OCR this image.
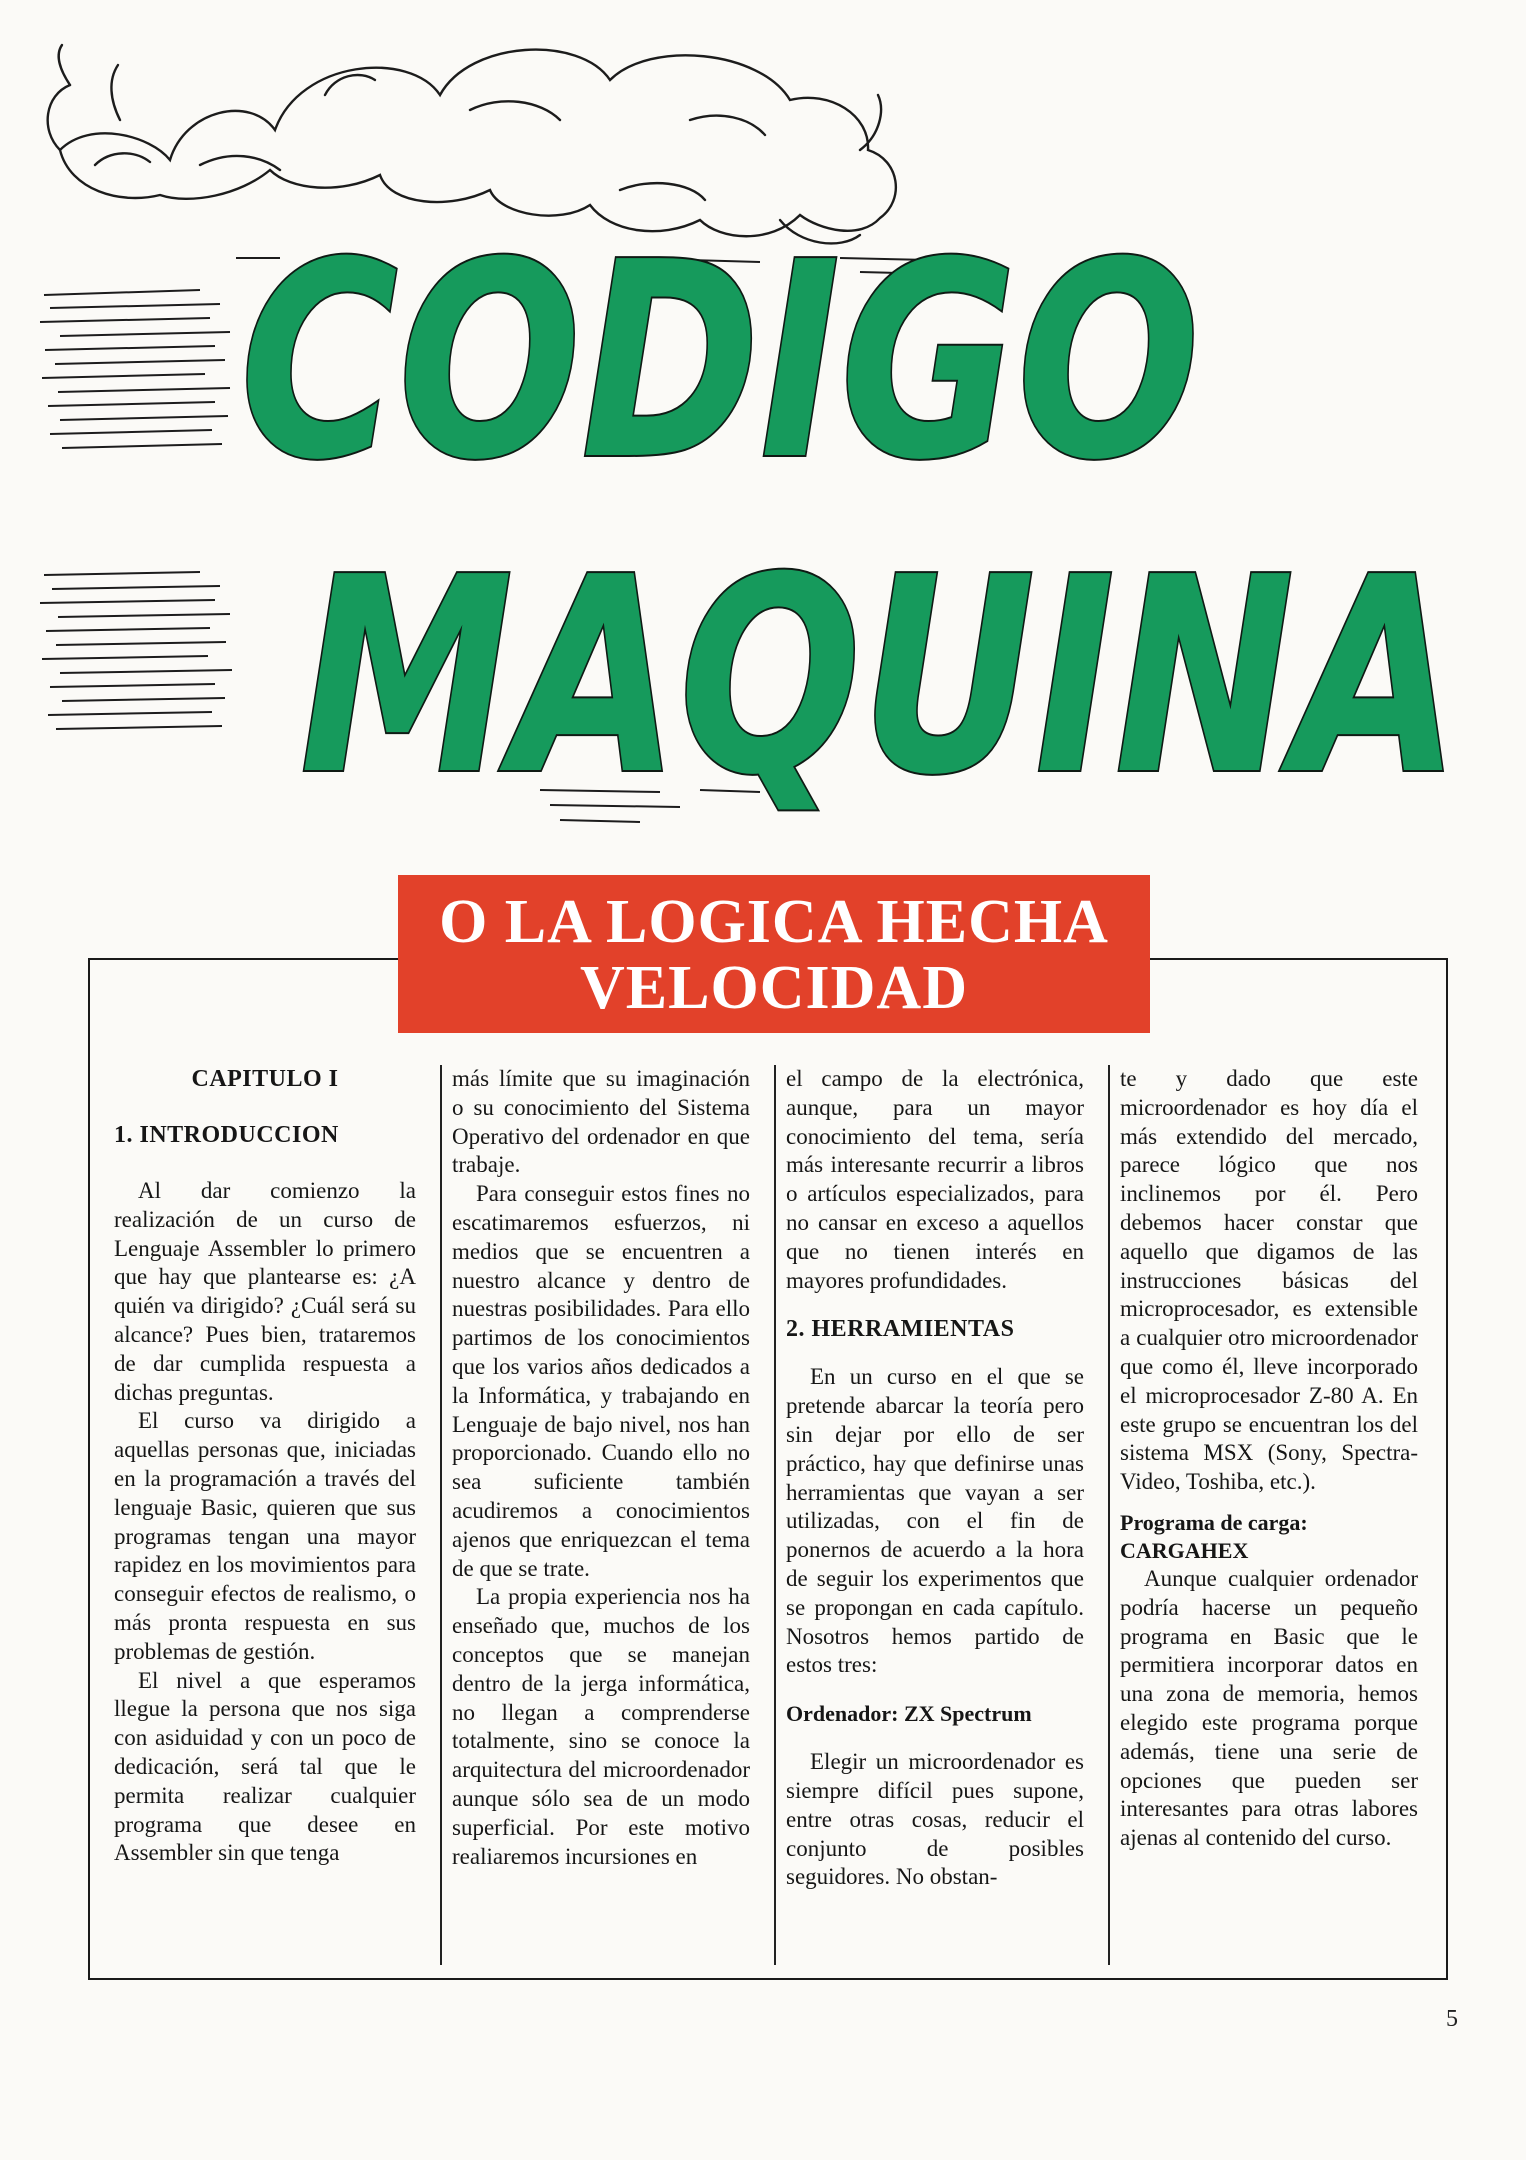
CODIGO
MAQUINA
O LA LOGICA HECHA
VELOCIDAD
CAPITULO I
1. INTRODUCCION

Al dar comienzo la realización de un curso de Lenguaje Assembler lo primero que hay que plantearse es: ¿A quién va dirigido? ¿Cuál será su alcance? Pues bien, trataremos de dar cumplida respuesta a dichas preguntas.

El curso va dirigido a aquellas personas que, iniciadas en la programación a través del lenguaje Basic, quieren que sus programas tengan una mayor rapidez en los movimientos para conseguir efectos de realismo, o más pronta respuesta en sus problemas de gestión.

El nivel a que esperamos llegue la persona que nos siga con asiduidad y con un poco de dedicación, será tal que le permita realizar cualquier programa que desee en Assembler sin que tenga

más límite que su imaginación o su conocimiento del Sistema Operativo del ordenador en que trabaje.

Para conseguir estos fines no escatimaremos esfuerzos, ni medios que se encuentren a nuestro alcance y dentro de nuestras posibilidades. Para ello partimos de los conocimientos que los varios años dedicados a la Informática, y trabajando en Lenguaje de bajo nivel, nos han proporcionado. Cuando ello no sea suficiente también acudiremos a conocimientos ajenos que enriquezcan el tema de que se trate.

La propia experiencia nos ha enseñado que, muchos de los conceptos que se manejan dentro de la jerga informática, no llegan a comprenderse totalmente, sino se conoce la arquitectura del microordenador aunque sólo sea de un modo superficial. Por este motivo realiaremos incursiones en

el campo de la electrónica, aunque, para un mayor conocimiento del tema, sería más interesante recurrir a libros o artículos especializados, para no cansar en exceso a aquellos que no tienen interés en mayores profundidades.

2. HERRAMIENTAS

En un curso en el que se pretende abarcar la teoría pero sin dejar por ello de ser práctico, hay que definirse unas herramientas que vayan a ser utilizadas, con el fin de ponernos de acuerdo a la hora de seguir los experimentos que se propongan en cada capítulo. Nosotros hemos partido de estos tres:

Ordenador: ZX Spectrum

Elegir un microordenador es siempre difícil pues supone, entre otras cosas, reducir el conjunto de posibles seguidores. No obstan-

te y dado que este microordenador es hoy día el más extendido del mercado, parece lógico que nos inclinemos por él. Pero debemos hacer constar que aquello que digamos de las instrucciones básicas del microprocesador, es extensible a cualquier otro microordenador que como él, lleve incorporado el microprocesador Z-80 A. En este grupo se encuentran los del sistema MSX (Sony, Spectra-Video, Toshiba, etc.).

Programa de carga:
CARGAHEX

Aunque cualquier ordenador podría hacerse un pequeño programa en Basic que le permitiera incorporar datos en una zona de memoria, hemos elegido este programa porque además, tiene una serie de opciones que pueden ser interesantes para otras labores ajenas al contenido del curso.

5
